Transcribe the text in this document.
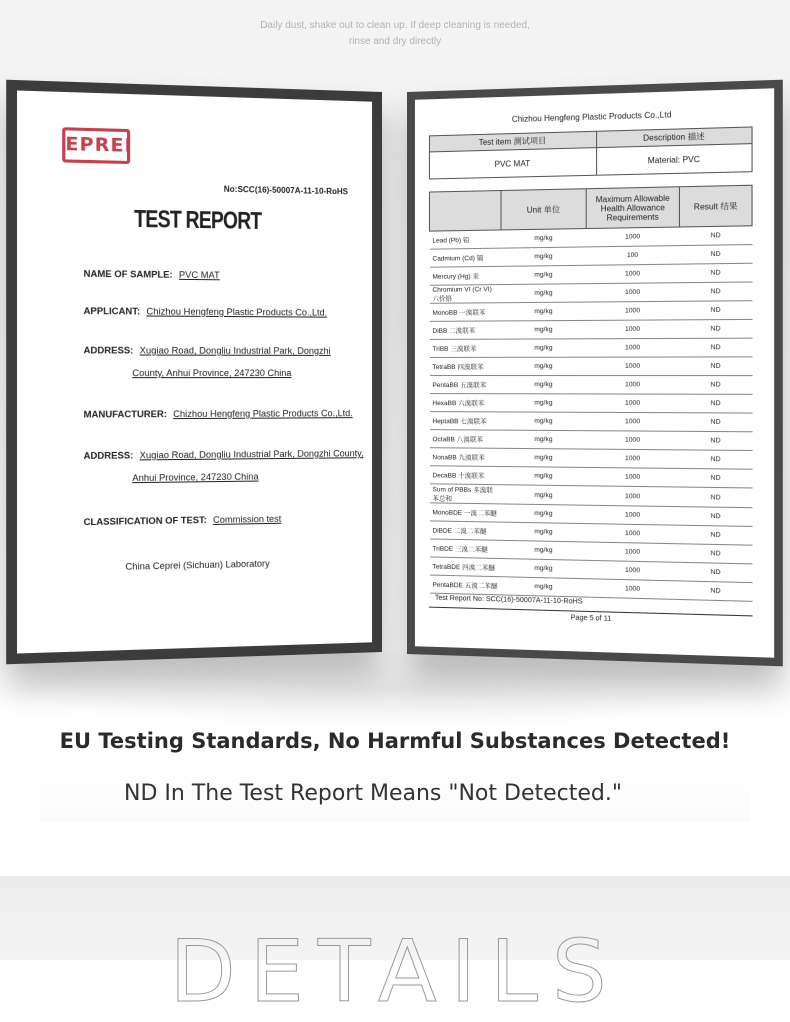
Daily dust, shake out to clean up. If deep cleaning is needed,
rinse and dry directly
EPREI
No:SCC(16)-50007A-11-10-RoHS
TEST REPORT
NAME OF SAMPLE: PVC MAT
APPLICANT: Chizhou Hengfeng Plastic Products Co.,Ltd.
ADDRESS: Xugiao Road, Dongliu Industrial Park, Dongzhi
County, Anhui Province, 247230 China
MANUFACTURER: Chizhou Hengfeng Plastic Products Co.,Ltd.
ADDRESS: Xugiao Road, Dongliu Industrial Park, Dongzhi County,
Anhui Province, 247230 China
CLASSIFICATION OF TEST: Commission test
China Ceprei (Sichuan) Laboratory
Chizhou Hengfeng Plastic Products Co.,Ltd
Test item 测试项目	Description 描述
PVC MAT	Material: PVC
	Unit 单位	Maximum Allowable Health Allowance Requirements	Result 结果
Lead (Pb) 铅	mg/kg	1000	ND
Cadmium (Cd) 镉	mg/kg	100	ND
Mercury (Hg) 汞	mg/kg	1000	ND
Chromium VI (Cr VI) 六价铬	mg/kg	1000	ND
MonoBB 一溴联苯	mg/kg	1000	ND
DiBB 二溴联苯	mg/kg	1000	ND
TriBB 三溴联苯	mg/kg	1000	ND
TetraBB 四溴联苯	mg/kg	1000	ND
PentaBB 五溴联苯	mg/kg	1000	ND
HexaBB 六溴联苯	mg/kg	1000	ND
HeptaBB 七溴联苯	mg/kg	1000	ND
OctaBB 八溴联苯	mg/kg	1000	ND
NonaBB 九溴联苯	mg/kg	1000	ND
DecaBB 十溴联苯	mg/kg	1000	ND
Sum of PBBs 多溴联苯总和	mg/kg	1000	ND
MonoBDE 一溴二苯醚	mg/kg	1000	ND
DiBDE 二溴二苯醚	mg/kg	1000	ND
TriBDE 三溴二苯醚	mg/kg	1000	ND
TetraBDE 四溴二苯醚	mg/kg	1000	ND
PentaBDE 五溴二苯醚	mg/kg	1000	ND
Test Report No: SCC(16)-50007A-11-10-RoHS
Page 5 of 11
EU Testing Standards, No Harmful Substances Detected!
ND In The Test Report Means "Not Detected."
DETAILS
